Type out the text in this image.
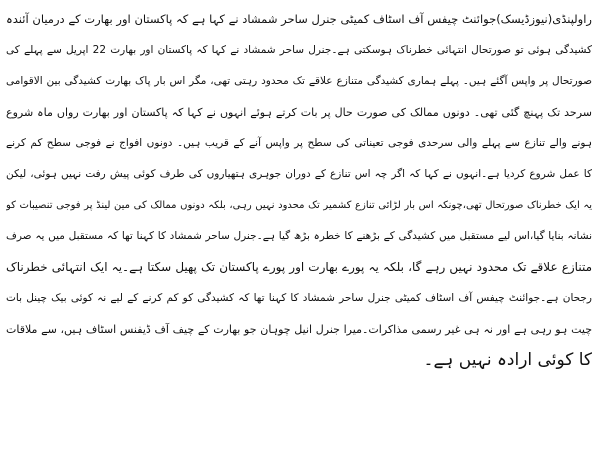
راولپنڈی(نیوزڈیسک)جوائنٹ چیفس آف اسٹاف کمیٹی جنرل ساحر شمشاد نے کہا ہے کہ پاکستان اور بھارت کے درمیان آئندہ
کشیدگی ہوئی تو صورتحال انتہائی خطرناک ہوسکتی ہے۔جنرل ساحر شمشاد نے کہا کہ پاکستان اور بھارت 22 اپریل سے پہلے کی
صورتحال پر واپس آگئے ہیں۔ پہلے ہماری کشیدگی متنازع علاقے تک محدود رہتی تھی، مگر اس بار پاک بھارت کشیدگی بین الاقوامی
سرحد تک پہنچ گئی تھی۔ دونوں ممالک کی صورت حال پر بات کرتے ہوئے انہوں نے کہا کہ پاکستان اور بھارت رواں ماہ شروع
ہونے والے تنازع سے پہلے والی سرحدی فوجی تعیناتی کی سطح پر واپس آنے کے قریب ہیں۔ دونوں افواج نے فوجی سطح کم کرنے
کا عمل شروع کردیا ہے۔انہوں نے کہا کہ اگر چہ اس تنازع کے دوران جوہری ہتھیاروں کی طرف کوئی پیش رفت نہیں ہوئی، لیکن
یہ ایک خطرناک صورتحال تھی،چونکہ اس بار لڑائی تنازع کشمیر تک محدود نہیں رہی، بلکہ دونوں ممالک کی مین لینڈ پر فوجی تنصیبات کو
نشانہ بنایا گیا،اس لیے مستقبل میں کشیدگی کے بڑھنے کا خطرہ بڑھ گیا ہے۔جنرل ساحر شمشاد کا کہنا تھا کہ مستقبل میں یہ صرف
متنازع علاقے تک محدود نہیں رہے گا، بلکہ یہ پورے بھارت اور پورے پاکستان تک پھیل سکتا ہے۔یہ ایک انتہائی خطرناک
رجحان ہے۔جوائنٹ چیفس آف اسٹاف کمیٹی جنرل ساحر شمشاد کا کہنا تھا کہ کشیدگی کو کم کرنے کے لیے نہ کوئی بیک چینل بات
چیت ہو رہی ہے اور نہ ہی غیر رسمی مذاکرات۔میرا جنرل انیل چوہان جو بھارت کے چیف آف ڈیفنس اسٹاف ہیں، سے ملاقات
کا کوئی ارادہ نہیں ہے۔
